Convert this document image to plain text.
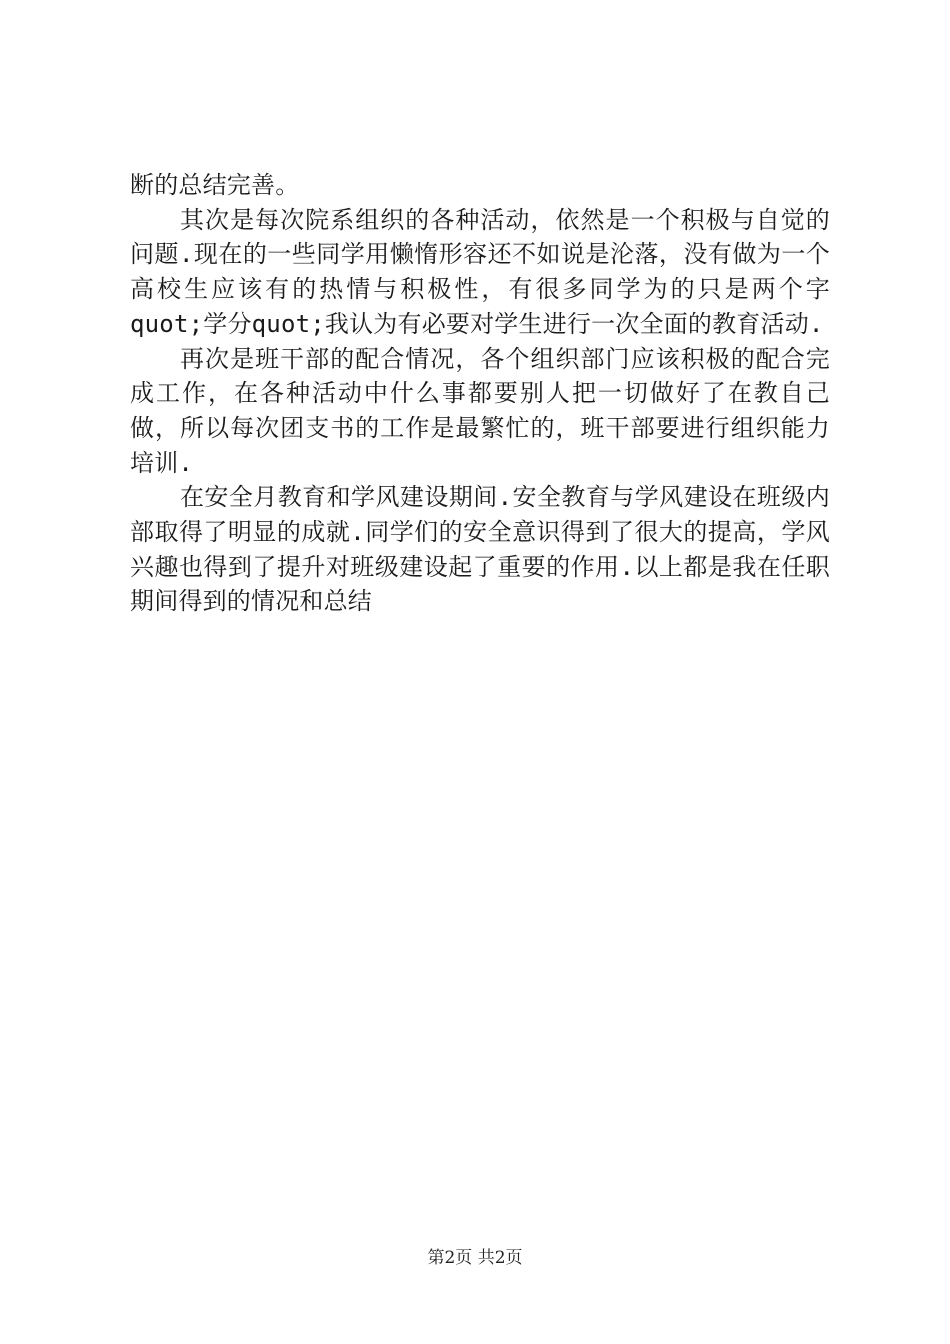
断的总结完善。

其次是每次院系组织的各种活动，依然是一个积极与自觉的问题.现在的一些同学用懒惰形容还不如说是沦落，没有做为一个高校生应该有的热情与积极性，有很多同学为的只是两个字quot;学分quot;我认为有必要对学生进行一次全面的教育活动.

再次是班干部的配合情况，各个组织部门应该积极的配合完成工作，在各种活动中什么事都要别人把一切做好了在教自己做，所以每次团支书的工作是最繁忙的，班干部要进行组织能力培训.

在安全月教育和学风建设期间.安全教育与学风建设在班级内部取得了明显的成就.同学们的安全意识得到了很大的提高，学风兴趣也得到了提升对班级建设起了重要的作用.以上都是我在任职期间得到的情况和总结

第2页 共2页
